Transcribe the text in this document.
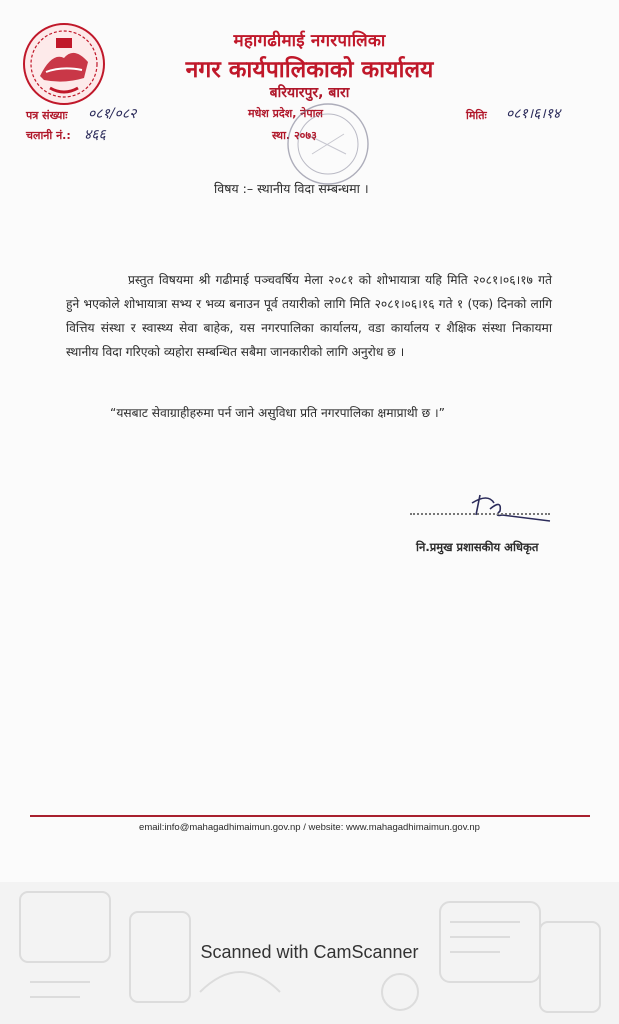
महागढीमाई नगरपालिका
नगर कार्यपालिकाको कार्यालय
बरियारपुर, बारा
मधेश प्रदेश, नेपाल
स्था. २०७३
पत्र संख्याः ०८१/०८२
चलानी नं.: ४६६
मितिः ०८१।६।१४
विषय :– स्थानीय विदा सम्बन्धमा ।

प्रस्तुत विषयमा श्री गढीमाई पञ्चवर्षिय मेला २०८१ को शोभायात्रा यहि मिति २०८१।०६।१७ गते हुने भएकोले शोभायात्रा सभ्य र भव्य बनाउन पूर्व तयारीको लागि मिति २०८१।०६।१६ गते १ (एक) दिनको लागि वित्तिय संस्था र स्वास्थ्य सेवा बाहेक, यस नगरपालिका कार्यालय, वडा कार्यालय र शैक्षिक संस्था निकायमा स्थानीय विदा गरिएको व्यहोरा सम्बन्धित सबैमा जानकारीको लागि अनुरोध छ ।

“यसबाट सेवाग्राहीहरुमा पर्न जाने असुविधा प्रति नगरपालिका क्षमाप्राथी छ ।”
नि.प्रमुख प्रशासकीय अधिकृत
email:info@mahagadhimaimun.gov.np / website: www.mahagadhimaimun.gov.np
Scanned with CamScanner
